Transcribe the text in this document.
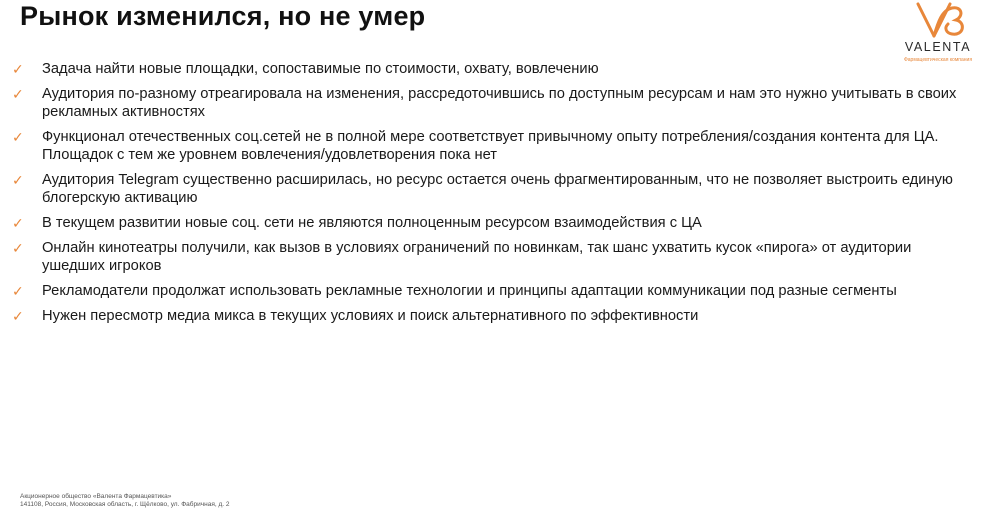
Рынок изменился, но не умер
VALENTA
Фармацевтическая компания
✓ Задача найти новые площадки, сопоставимые по стоимости, охвату, вовлечению
✓ Аудитория по-разному отреагировала на изменения, рассредоточившись по доступным ресурсам и нам это нужно учитывать в своих рекламных активностях
✓ Функционал отечественных соц.сетей не в полной мере соответствует привычному опыту потребления/создания контента для ЦА. Площадок с тем же уровнем вовлечения/удовлетворения пока нет
✓ Аудитория Telegram существенно расширилась, но ресурс остается очень фрагментированным, что не позволяет выстроить единую блогерскую активацию
✓ В текущем развитии новые соц. сети не являются полноценным ресурсом взаимодействия с ЦА
✓ Онлайн кинотеатры получили, как вызов в условиях ограничений по новинкам, так шанс ухватить кусок «пирога» от аудитории ушедших игроков
✓ Рекламодатели продолжат использовать рекламные технологии и принципы адаптации коммуникации под разные сегменты
✓ Нужен пересмотр медиа микса в текущих условиях и поиск альтернативного по эффективности
Акционерное общество «Валента Фармацевтика»
141108, Россия, Московская область, г. Щёлково, ул. Фабричная, д. 2
